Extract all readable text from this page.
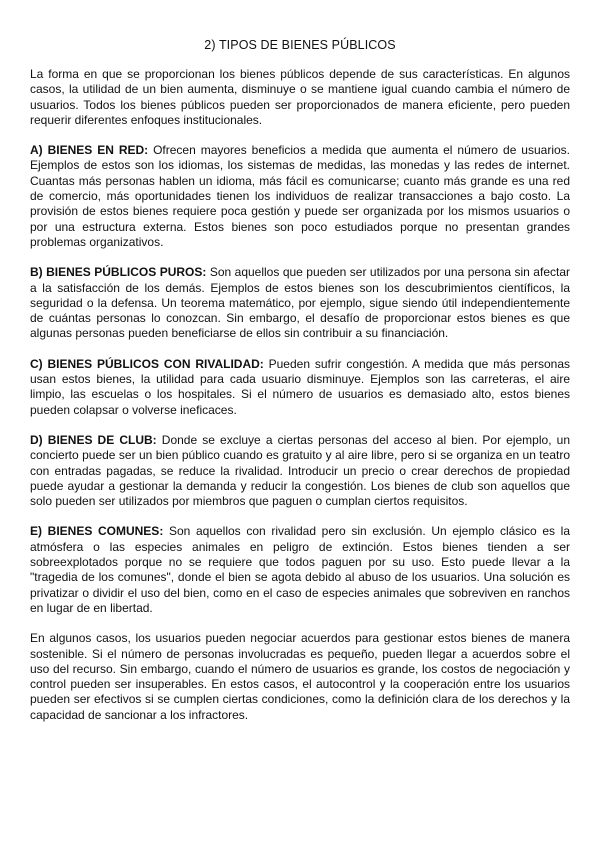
2) TIPOS DE BIENES PÚBLICOS

La forma en que se proporcionan los bienes públicos depende de sus características. En algunos casos, la utilidad de un bien aumenta, disminuye o se mantiene igual cuando cambia el número de usuarios. Todos los bienes públicos pueden ser proporcionados de manera eficiente, pero pueden requerir diferentes enfoques institucionales.

A) BIENES EN RED: Ofrecen mayores beneficios a medida que aumenta el número de usuarios. Ejemplos de estos son los idiomas, los sistemas de medidas, las monedas y las redes de internet. Cuantas más personas hablen un idioma, más fácil es comunicarse; cuanto más grande es una red de comercio, más oportunidades tienen los individuos de realizar transacciones a bajo costo. La provisión de estos bienes requiere poca gestión y puede ser organizada por los mismos usuarios o por una estructura externa. Estos bienes son poco estudiados porque no presentan grandes problemas organizativos.

B) BIENES PÚBLICOS PUROS: Son aquellos que pueden ser utilizados por una persona sin afectar a la satisfacción de los demás. Ejemplos de estos bienes son los descubrimientos científicos, la seguridad o la defensa. Un teorema matemático, por ejemplo, sigue siendo útil independientemente de cuántas personas lo conozcan. Sin embargo, el desafío de proporcionar estos bienes es que algunas personas pueden beneficiarse de ellos sin contribuir a su financiación.

C) BIENES PÚBLICOS CON RIVALIDAD: Pueden sufrir congestión. A medida que más personas usan estos bienes, la utilidad para cada usuario disminuye. Ejemplos son las carreteras, el aire limpio, las escuelas o los hospitales. Si el número de usuarios es demasiado alto, estos bienes pueden colapsar o volverse ineficaces.

D) BIENES DE CLUB: Donde se excluye a ciertas personas del acceso al bien. Por ejemplo, un concierto puede ser un bien público cuando es gratuito y al aire libre, pero si se organiza en un teatro con entradas pagadas, se reduce la rivalidad. Introducir un precio o crear derechos de propiedad puede ayudar a gestionar la demanda y reducir la congestión. Los bienes de club son aquellos que solo pueden ser utilizados por miembros que paguen o cumplan ciertos requisitos.

E) BIENES COMUNES: Son aquellos con rivalidad pero sin exclusión. Un ejemplo clásico es la atmósfera o las especies animales en peligro de extinción. Estos bienes tienden a ser sobreexplotados porque no se requiere que todos paguen por su uso. Esto puede llevar a la "tragedia de los comunes", donde el bien se agota debido al abuso de los usuarios. Una solución es privatizar o dividir el uso del bien, como en el caso de especies animales que sobreviven en ranchos en lugar de en libertad.

En algunos casos, los usuarios pueden negociar acuerdos para gestionar estos bienes de manera sostenible. Si el número de personas involucradas es pequeño, pueden llegar a acuerdos sobre el uso del recurso. Sin embargo, cuando el número de usuarios es grande, los costos de negociación y control pueden ser insuperables. En estos casos, el autocontrol y la cooperación entre los usuarios pueden ser efectivos si se cumplen ciertas condiciones, como la definición clara de los derechos y la capacidad de sancionar a los infractores.
